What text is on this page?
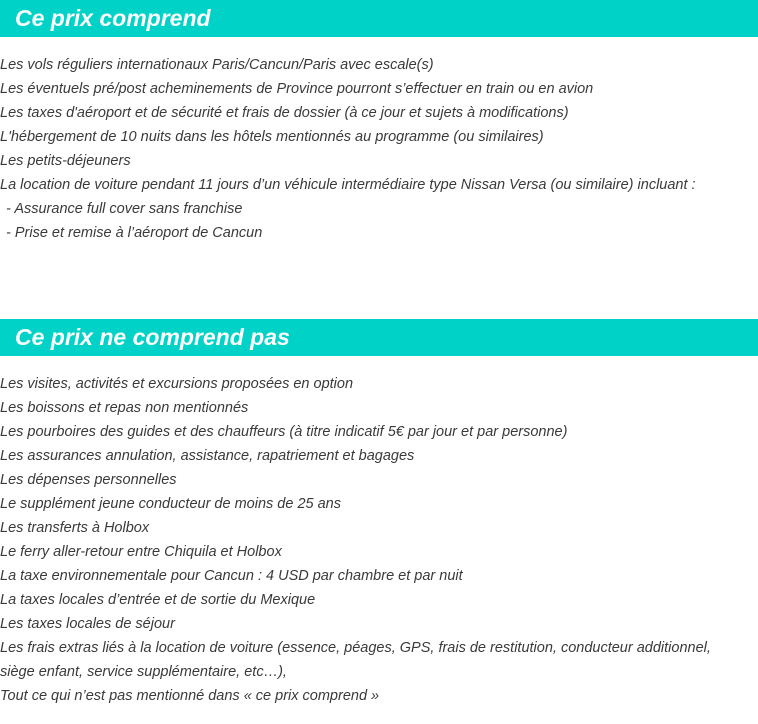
Ce prix comprend
Les vols réguliers internationaux Paris/Cancun/Paris avec escale(s)
Les éventuels pré/post acheminements de Province pourront s’effectuer en train ou en avion
Les taxes d'aéroport et de sécurité et frais de dossier (à ce jour et sujets à modifications)
L'hébergement de 10 nuits dans les hôtels mentionnés au programme (ou similaires)
Les petits-déjeuners
La location de voiture pendant 11 jours d’un véhicule intermédiaire type Nissan Versa (ou similaire) incluant :
- Assurance full cover sans franchise
- Prise et remise à l’aéroport de Cancun
Ce prix ne comprend pas
Les visites, activités et excursions proposées en option
Les boissons et repas non mentionnés
Les pourboires des guides et des chauffeurs (à titre indicatif 5€ par jour et par personne)
Les assurances annulation, assistance, rapatriement et bagages
Les dépenses personnelles
Le supplément jeune conducteur de moins de 25 ans
Les transferts à Holbox
Le ferry aller-retour entre Chiquila et Holbox
La taxe environnementale pour Cancun : 4 USD par chambre et par nuit
La taxes locales d’entrée et de sortie du Mexique
Les taxes locales de séjour
Les frais extras liés à la location de voiture (essence, péages, GPS, frais de restitution, conducteur additionnel, siège enfant, service supplémentaire, etc…),
Tout ce qui n’est pas mentionné dans « ce prix comprend »
